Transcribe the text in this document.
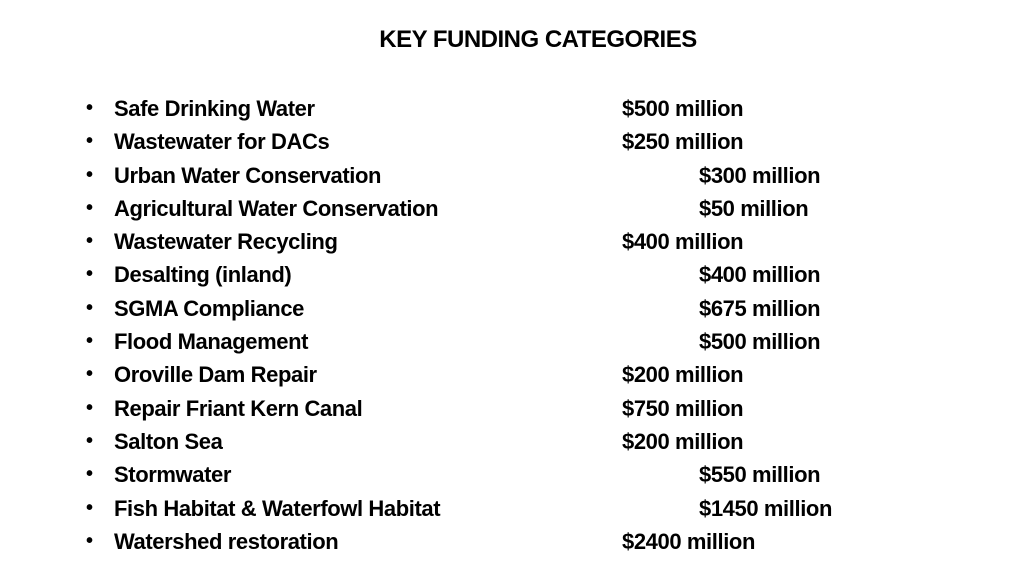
KEY FUNDING CATEGORIES
• Safe Drinking Water	$500 million
• Wastewater for DACs	$250 million
• Urban Water Conservation	$300 million
• Agricultural Water Conservation	$50 million
• Wastewater Recycling	$400 million
• Desalting (inland)	$400 million
• SGMA Compliance	$675 million
• Flood Management	$500 million
• Oroville Dam Repair	$200 million
• Repair Friant Kern Canal	$750 million
• Salton Sea	$200 million
• Stormwater	$550 million
• Fish Habitat & Waterfowl Habitat	$1450 million
• Watershed restoration	$2400 million
